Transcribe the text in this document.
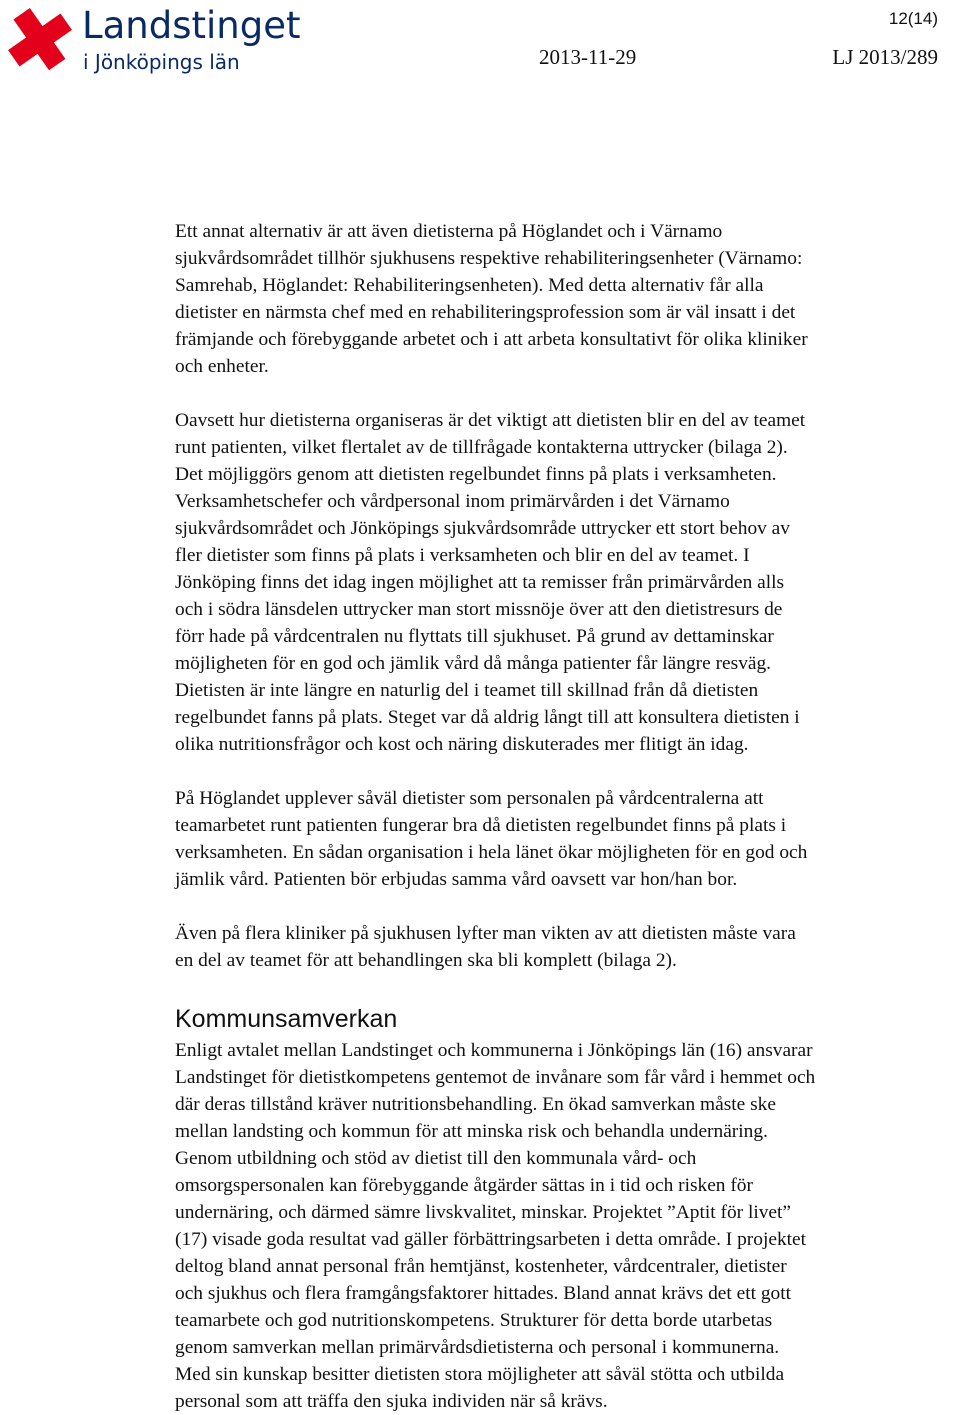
Landstinget
i Jönköpings län
12(14)
2013-11-29	LJ 2013/289

Ett annat alternativ är att även dietisterna på Höglandet och i Värnamo
sjukvårdsområdet tillhör sjukhusens respektive rehabiliteringsenheter (Värnamo:
Samrehab, Höglandet: Rehabiliteringsenheten). Med detta alternativ får alla
dietister en närmsta chef med en rehabiliteringsprofession som är väl insatt i det
främjande och förebyggande arbetet och i att arbeta konsultativt för olika kliniker
och enheter.

Oavsett hur dietisterna organiseras är det viktigt att dietisten blir en del av teamet
runt patienten, vilket flertalet av de tillfrågade kontakterna uttrycker (bilaga 2).
Det möjliggörs genom att dietisten regelbundet finns på plats i verksamheten.
Verksamhetschefer och vårdpersonal inom primärvården i det Värnamo
sjukvårdsområdet och Jönköpings sjukvårdsområde uttrycker ett stort behov av
fler dietister som finns på plats i verksamheten och blir en del av teamet. I
Jönköping finns det idag ingen möjlighet att ta remisser från primärvården alls
och i södra länsdelen uttrycker man stort missnöje över att den dietistresurs de
förr hade på vårdcentralen nu flyttats till sjukhuset. På grund av dettaminskar
möjligheten för en god och jämlik vård då många patienter får längre resväg.
Dietisten är inte längre en naturlig del i teamet till skillnad från då dietisten
regelbundet fanns på plats. Steget var då aldrig långt till att konsultera dietisten i
olika nutritionsfrågor och kost och näring diskuterades mer flitigt än idag.

På Höglandet upplever såväl dietister som personalen på vårdcentralerna att
teamarbetet runt patienten fungerar bra då dietisten regelbundet finns på plats i
verksamheten. En sådan organisation i hela länet ökar möjligheten för en god och
jämlik vård. Patienten bör erbjudas samma vård oavsett var hon/han bor.

Även på flera kliniker på sjukhusen lyfter man vikten av att dietisten måste vara
en del av teamet för att behandlingen ska bli komplett (bilaga 2).

Kommunsamverkan

Enligt avtalet mellan Landstinget och kommunerna i Jönköpings län (16) ansvarar
Landstinget för dietistkompetens gentemot de invånare som får vård i hemmet och
där deras tillstånd kräver nutritionsbehandling. En ökad samverkan måste ske
mellan landsting och kommun för att minska risk och behandla undernäring.
Genom utbildning och stöd av dietist till den kommunala vård- och
omsorgspersonalen kan förebyggande åtgärder sättas in i tid och risken för
undernäring, och därmed sämre livskvalitet, minskar. Projektet ”Aptit för livet”
(17) visade goda resultat vad gäller förbättringsarbeten i detta område. I projektet
deltog bland annat personal från hemtjänst, kostenheter, vårdcentraler, dietister
och sjukhus och flera framgångsfaktorer hittades. Bland annat krävs det ett gott
teamarbete och god nutritionskompetens. Strukturer för detta borde utarbetas
genom samverkan mellan primärvårdsdietisterna och personal i kommunerna.
Med sin kunskap besitter dietisten stora möjligheter att såväl stötta och utbilda
personal som att träffa den sjuka individen när så krävs.
